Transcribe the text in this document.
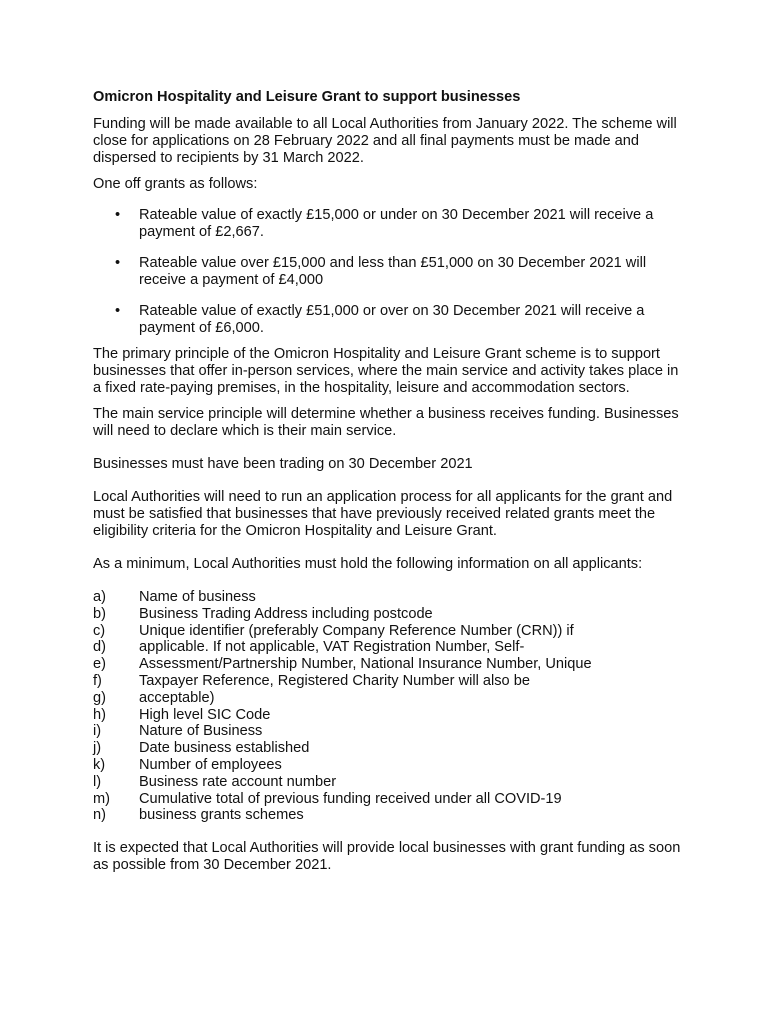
Omicron Hospitality and Leisure Grant to support businesses

Funding will be made available to all Local Authorities from January 2022. The scheme will close for applications on 28 February 2022 and all final payments must be made and dispersed to recipients by 31 March 2022.

One off grants as follows:

• Rateable value of exactly £15,000 or under on 30 December 2021 will receive a payment of £2,667.
• Rateable value over £15,000 and less than £51,000 on 30 December 2021 will receive a payment of £4,000
• Rateable value of exactly £51,000 or over on 30 December 2021 will receive a payment of £6,000.

The primary principle of the Omicron Hospitality and Leisure Grant scheme is to support businesses that offer in-person services, where the main service and activity takes place in a fixed rate-paying premises, in the hospitality, leisure and accommodation sectors.

The main service principle will determine whether a business receives funding. Businesses will need to declare which is their main service.

Businesses must have been trading on 30 December 2021

Local Authorities will need to run an application process for all applicants for the grant and must be satisfied that businesses that have previously received related grants meet the eligibility criteria for the Omicron Hospitality and Leisure Grant.

As a minimum, Local Authorities must hold the following information on all applicants:

a) Name of business
b) Business Trading Address including postcode
c) Unique identifier (preferably Company Reference Number (CRN)) if
d) applicable. If not applicable, VAT Registration Number, Self-
e) Assessment/Partnership Number, National Insurance Number, Unique
f)	Taxpayer Reference, Registered Charity Number will also be
g) acceptable)
h) High level SIC Code
i)	Nature of Business
j)	Date business established
k) Number of employees
l)	Business rate account number
m) Cumulative total of previous funding received under all COVID-19
n) business grants schemes

It is expected that Local Authorities will provide local businesses with grant funding as soon as possible from 30 December 2021.
